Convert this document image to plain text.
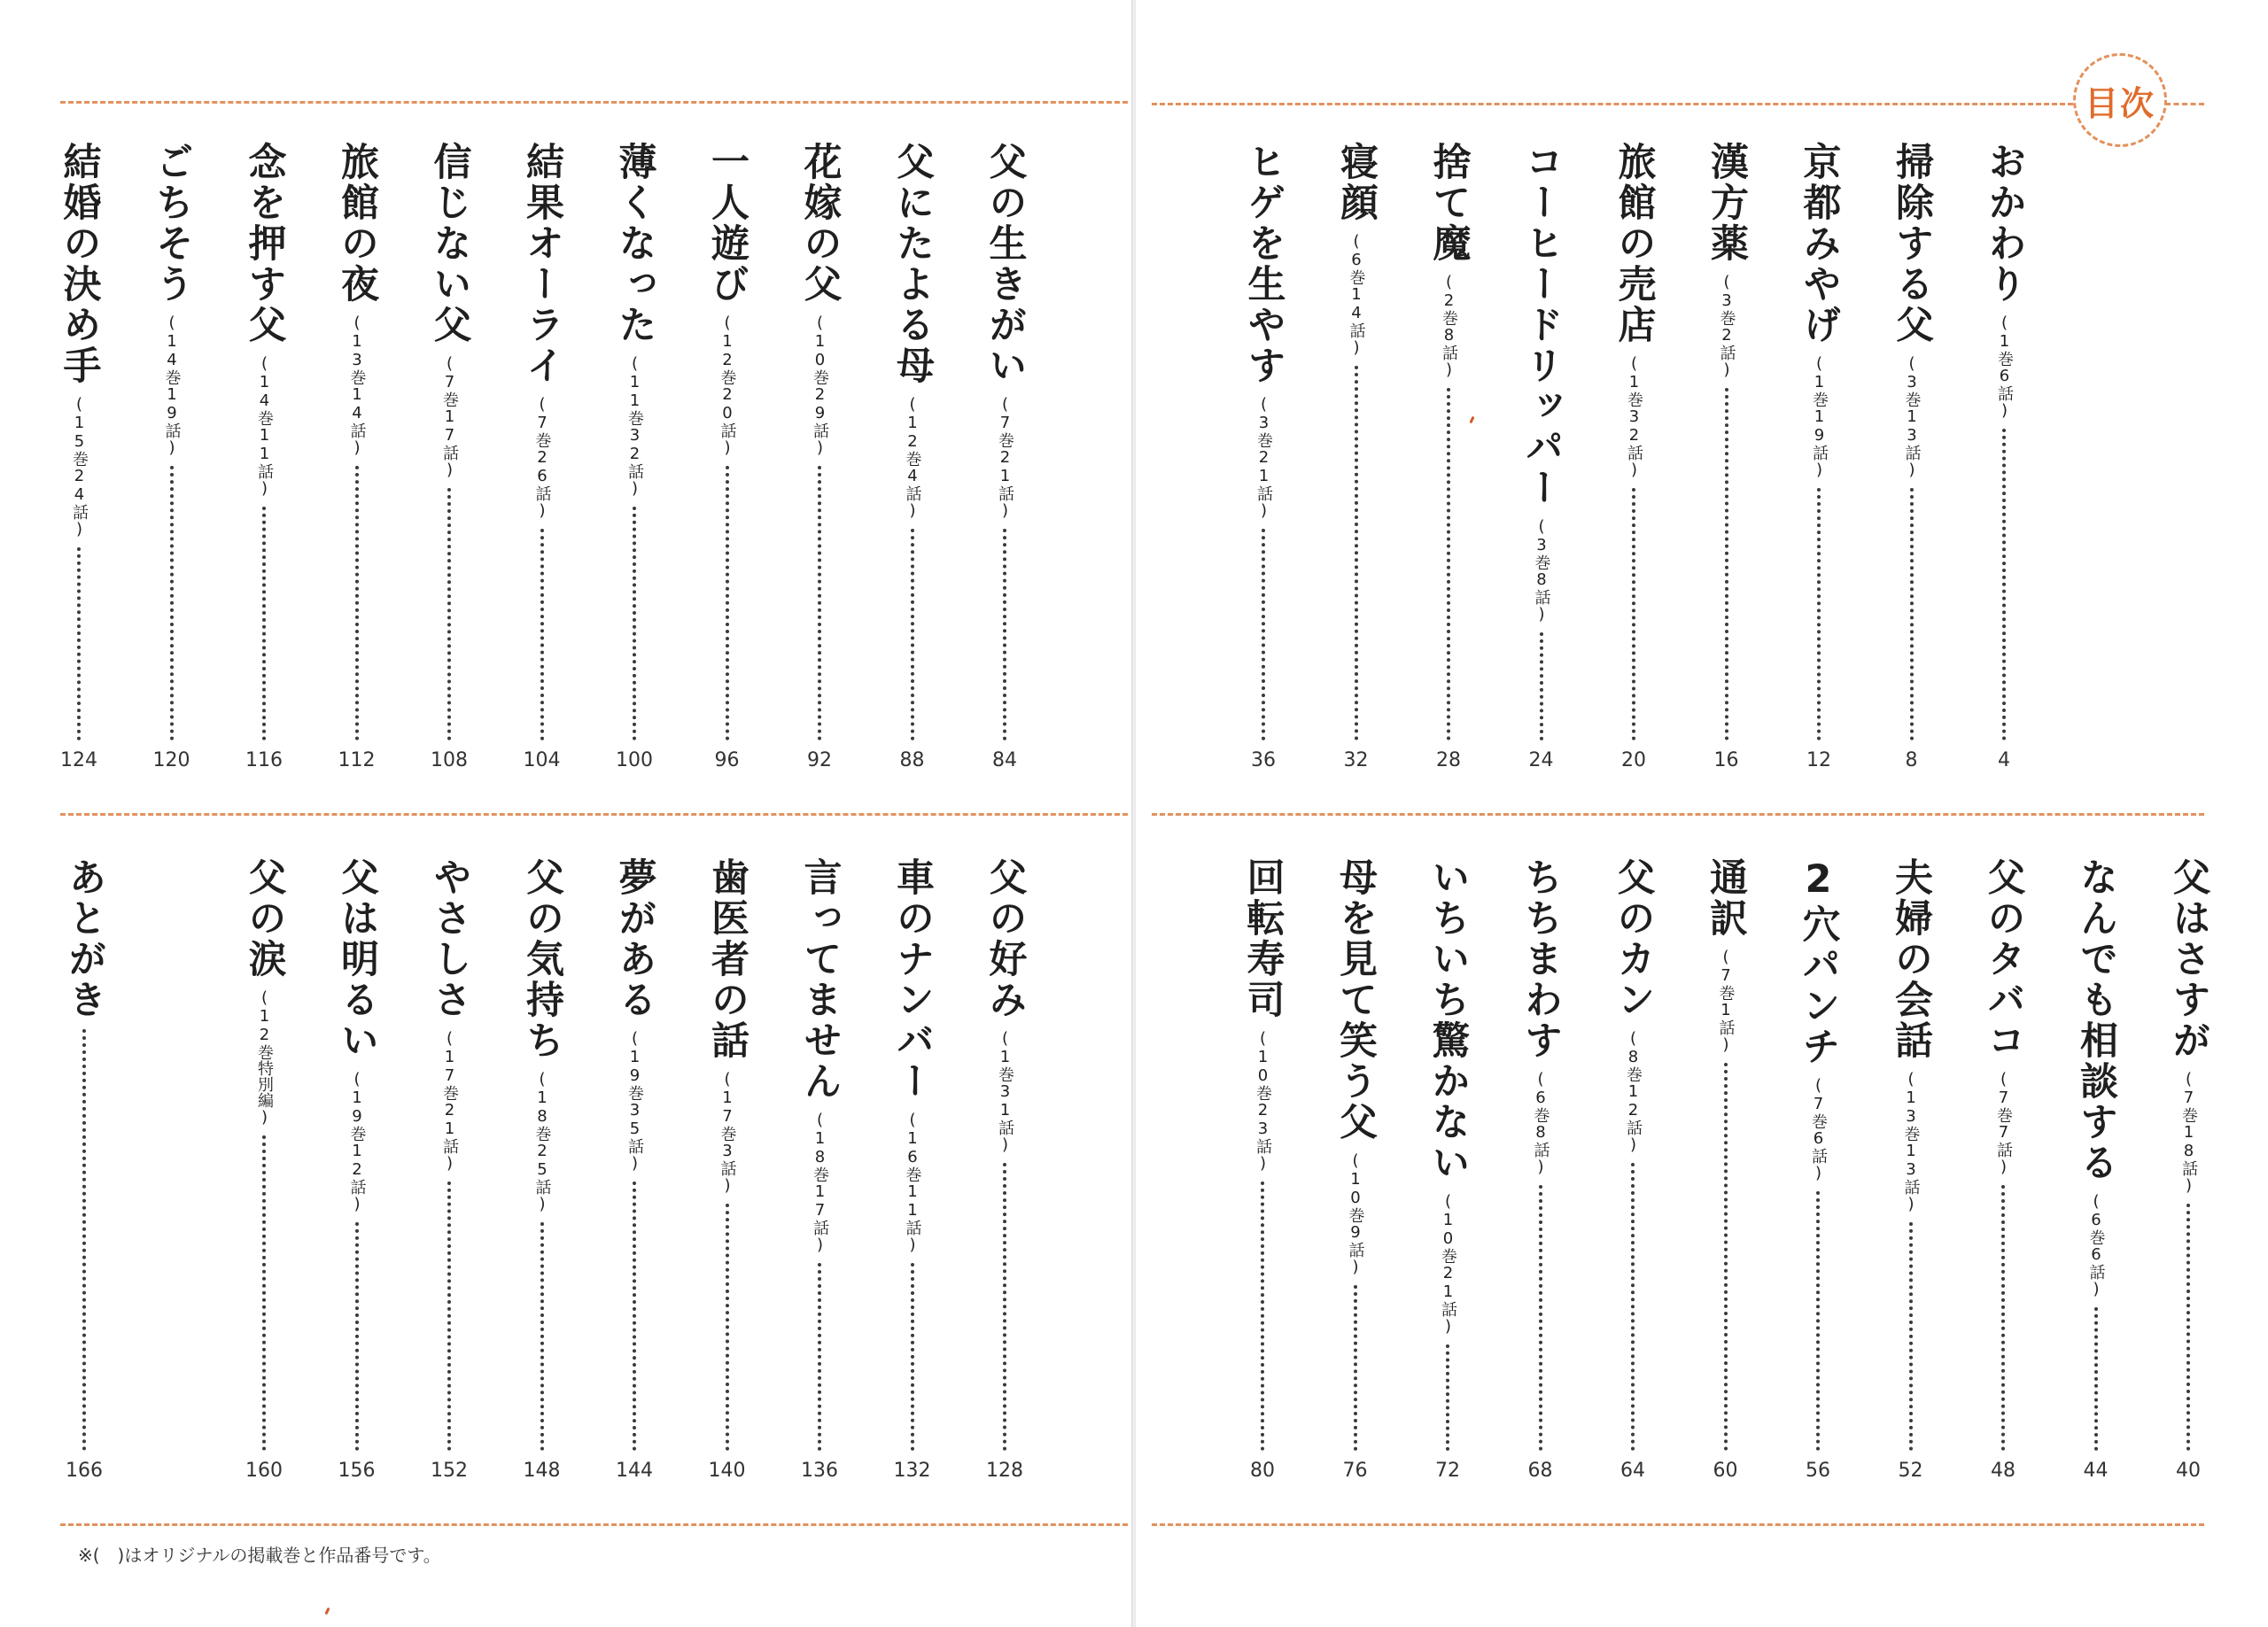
目次
おかわり
(1巻6話)
4
掃除する父
(3巻13話)
8
京都みやげ
(1巻19話)
12
漢方薬
(3巻2話)
16
旅館の売店
(1巻32話)
20
コーヒードリッパー
(3巻8話)
24
捨て魔
(2巻8話)
28
寝顔
(6巻14話)
32
ヒゲを生やす
(3巻21話)
36
父はさすが
(7巻18話)
40
なんでも相談する
(6巻6話)
44
父のタバコ
(7巻7話)
48
夫婦の会話
(13巻13話)
52
2穴パンチ
(7巻6話)
56
通訳
(7巻1話)
60
父のカン
(8巻12話)
64
ちちまわす
(6巻8話)
68
いちいち驚かない
(10巻21話)
72
母を見て笑う父
(10巻9話)
76
回転寿司
(10巻23話)
80
父の生きがい
(7巻21話)
84
父にたよる母
(12巻4話)
88
花嫁の父
(10巻29話)
92
一人遊び
(12巻20話)
96
薄くなった
(11巻32話)
100
結果オーライ
(7巻26話)
104
信じない父
(7巻17話)
108
旅館の夜
(13巻14話)
112
念を押す父
(14巻11話)
116
ごちそう
(14巻19話)
120
結婚の決め手
(15巻24話)
124
父の好み
(1巻31話)
128
車のナンバー
(16巻11話)
132
言ってません
(18巻17話)
136
歯医者の話
(17巻3話)
140
夢がある
(19巻35話)
144
父の気持ち
(18巻25話)
148
やさしさ
(17巻21話)
152
父は明るい
(19巻12話)
156
父の涙
(12巻特別編)
160
あとがき
166
※(　)はオリジナルの掲載巻と作品番号です。
